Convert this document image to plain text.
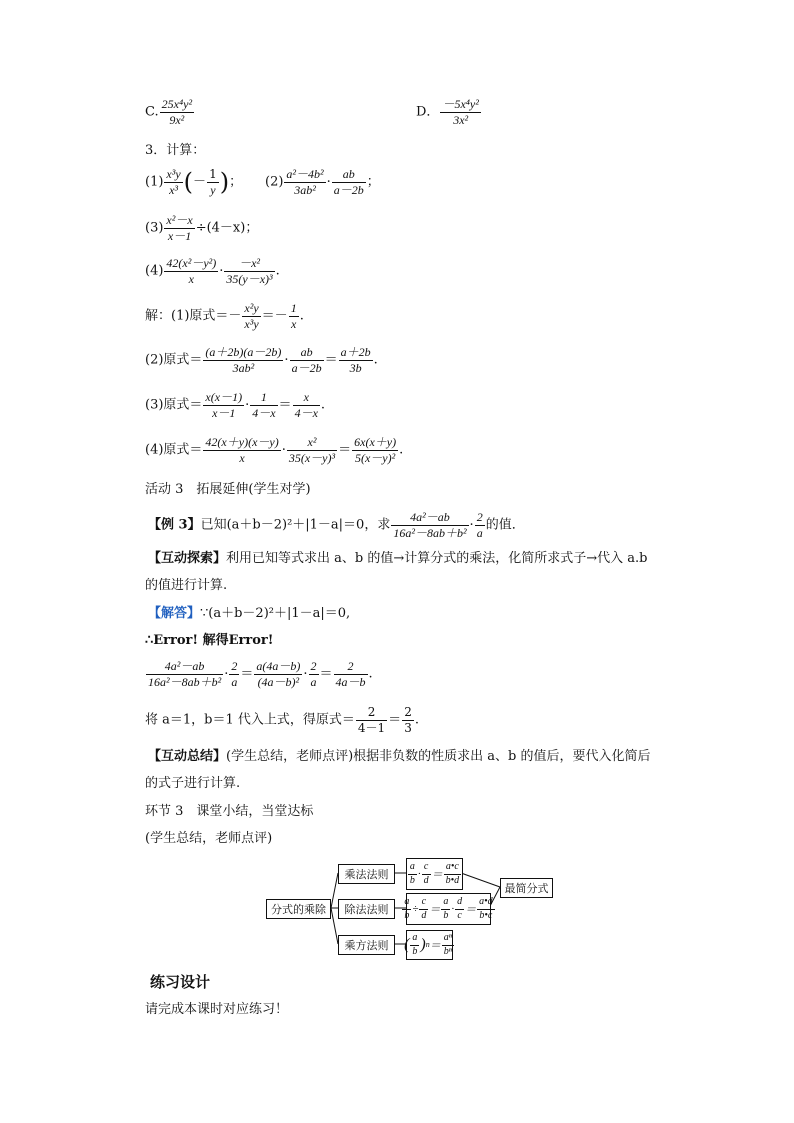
C. $\frac{\text{25x⁴y²}}{\text{9x²}}$	D． $\frac{\text{－5x⁴y²}}{\text{3x²}}$
3．计算：
$(1) \frac{\text{x³y}}{\text{x³}}$ (－ $\frac{1}{y}$ )； $(2) \frac{\text{a²－4b²}}{\text{3ab²}} \cdot \frac{ab}{a-2b}$ ；
$(3) \frac{\text{x²－x}}{x-1} \div(4-x)$；
$(4) \frac{\text{42(x²－y²)}}{x} \cdot \frac{\text{－x²}}{\text{35(y－x)³}}$ .
解：(1)原式＝－ $\frac{\text{x²y}}{\text{x³y}} =- \frac{1}{x}$ .
(2)原式＝ $\frac{(a+2b)(a-2b)}{\text{3ab²}} \cdot \frac{ab}{a-2b} = \frac{a+2b}{3b}$ .
(3)原式＝ $\frac{x(x-1)}{x-1} \cdot \frac{1}{4-x} = \frac{x}{4-x}$ .
(4)原式＝ $\frac{42(x+y)(x-y)}{x} \cdot \frac{\text{x²}}{\text{35(x－y)³}} = \frac{6x(x+y)}{\text{5(x－y)²}}$ .
活动 3　拓展延伸(学生对学)
【例 3】已知(a＋b－2)²＋|1－a|＝0，求 $\frac{\text{4a²－ab}}{\text{16a²－8ab＋b²}} \cdot \frac{2}{a}$ 的值．
【互动探索】利用已知等式求出 a、b 的值→计算分式的乘法，化简所求式子→代入 a.b
的值进行计算.
【解答】∵(a＋b－2)²＋|1－a|＝0,
∴Error! 解得Error!
$\frac{\text{4a²－ab}}{\text{16a²－8ab＋b²}} \cdot \frac{2}{a} = \frac{a(4a-b)}{\text{(4a－b)²}} \cdot \frac{2}{a} = \frac{2}{4a-b}$ .
将 a＝1，b＝1 代入上式，得原式＝ $\frac{2}{4-1} = \frac{2}{3}$ .
【互动总结】(学生总结，老师点评)根据非负数的性质求出 a、b 的值后，要代入化简后
的式子进行计算.
环节 3　课堂小结，当堂达标
(学生总结，老师点评)
分式的乘除
乘法法则
除法法则
乘方法则
最简分式
$\frac{a}{b} \cdot \frac{c}{d} = \frac{a•c}{b•d}$
$\frac{a}{b} \div \frac{c}{d} = \frac{a}{b} \cdot \frac{d}{c} = \frac{a•d}{b•c}$
( $\frac{a}{b}$ ) $n = \frac{\text{aⁿ}}{\text{bⁿ}}$
练习设计
请完成本课时对应练习！
